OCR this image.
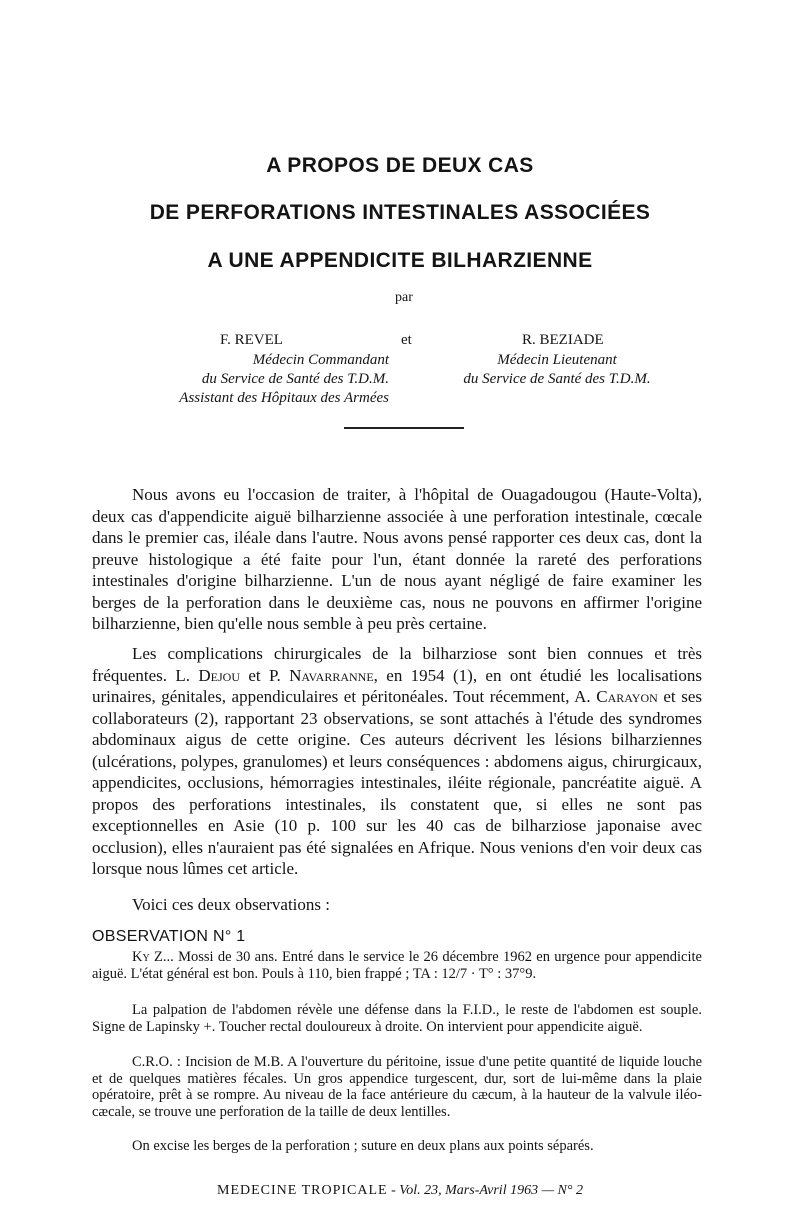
A PROPOS DE DEUX CAS
DE PERFORATIONS INTESTINALES ASSOCIÉES
A UNE APPENDICITE BILHARZIENNE
par
F. REVEL	et	R. BEZIADE
Médecin Commandant
du Service de Santé des T.D.M.
Assistant des Hôpitaux des Armées
Médecin Lieutenant
du Service de Santé des T.D.M.

Nous avons eu l'occasion de traiter, à l'hôpital de Ouagadougou (Haute-Volta), deux cas d'appendicite aiguë bilharzienne associée à une perforation intestinale, cœcale dans le premier cas, iléale dans l'autre. Nous avons pensé rapporter ces deux cas, dont la preuve histologique a été faite pour l'un, étant donnée la rareté des perforations intestinales d'origine bilharzienne. L'un de nous ayant négligé de faire examiner les berges de la perforation dans le deuxième cas, nous ne pouvons en affirmer l'origine bilharzienne, bien qu'elle nous semble à peu près certaine.

Les complications chirurgicales de la bilharziose sont bien connues et très fréquentes. L. Dejou et P. Navarranne, en 1954 (1), en ont étudié les localisations urinaires, génitales, appendiculaires et péritonéales. Tout récemment, A. Carayon et ses collaborateurs (2), rapportant 23 observations, se sont attachés à l'étude des syndromes abdominaux aigus de cette origine. Ces auteurs décrivent les lésions bilharziennes (ulcérations, polypes, granulomes) et leurs conséquences : abdomens aigus, chirurgicaux, appendicites, occlusions, hémorragies intestinales, iléite régionale, pancréatite aiguë. A propos des perforations intestinales, ils constatent que, si elles ne sont pas exceptionnelles en Asie (10 p. 100 sur les 40 cas de bilharziose japonaise avec occlusion), elles n'auraient pas été signalées en Afrique. Nous venions d'en voir deux cas lorsque nous lûmes cet article.

Voici ces deux observations :

OBSERVATION N° 1

Ky Z... Mossi de 30 ans. Entré dans le service le 26 décembre 1962 en urgence pour appendicite aiguë. L'état général est bon. Pouls à 110, bien frappé ; TA : 12/7 · T° : 37°9.

La palpation de l'abdomen révèle une défense dans la F.I.D., le reste de l'abdomen est souple. Signe de Lapinsky +. Toucher rectal douloureux à droite. On intervient pour appendicite aiguë.

C.R.O. : Incision de M.B. A l'ouverture du péritoine, issue d'une petite quantité de liquide louche et de quelques matières fécales. Un gros appendice turgescent, dur, sort de lui-même dans la plaie opératoire, prêt à se rompre. Au niveau de la face antérieure du cæcum, à la hauteur de la valvule iléo-cæcale, se trouve une perforation de la taille de deux lentilles.

On excise les berges de la perforation ; suture en deux plans aux points séparés.

MEDECINE TROPICALE - Vol. 23, Mars-Avril 1963 — N° 2
